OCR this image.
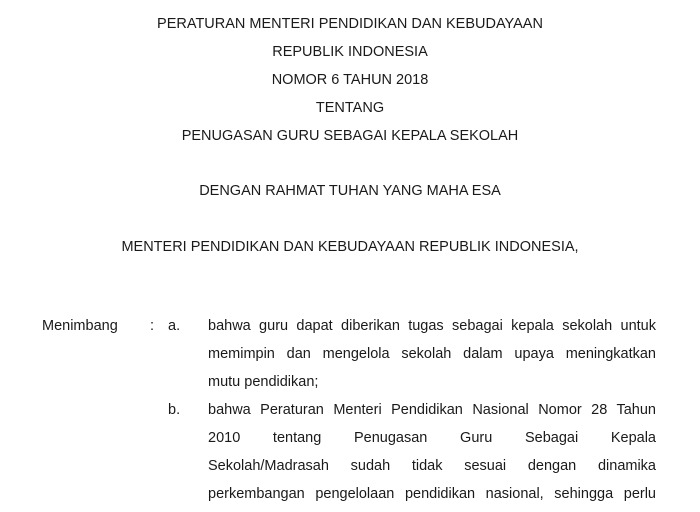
PERATURAN MENTERI PENDIDIKAN DAN KEBUDAYAAN
REPUBLIK INDONESIA
NOMOR 6 TAHUN 2018
TENTANG
PENUGASAN GURU SEBAGAI KEPALA SEKOLAH
DENGAN RAHMAT TUHAN YANG MAHA ESA
MENTERI PENDIDIKAN DAN KEBUDAYAAN REPUBLIK INDONESIA,
Menimbang : a. bahwa guru dapat diberikan tugas sebagai kepala sekolah untuk
memimpin dan mengelola sekolah dalam upaya meningkatkan
mutu pendidikan;
b. bahwa Peraturan Menteri Pendidikan Nasional Nomor 28 Tahun
2010 tentang Penugasan Guru Sebagai Kepala
Sekolah/Madrasah sudah tidak sesuai dengan dinamika
perkembangan pengelolaan pendidikan nasional, sehingga perlu
